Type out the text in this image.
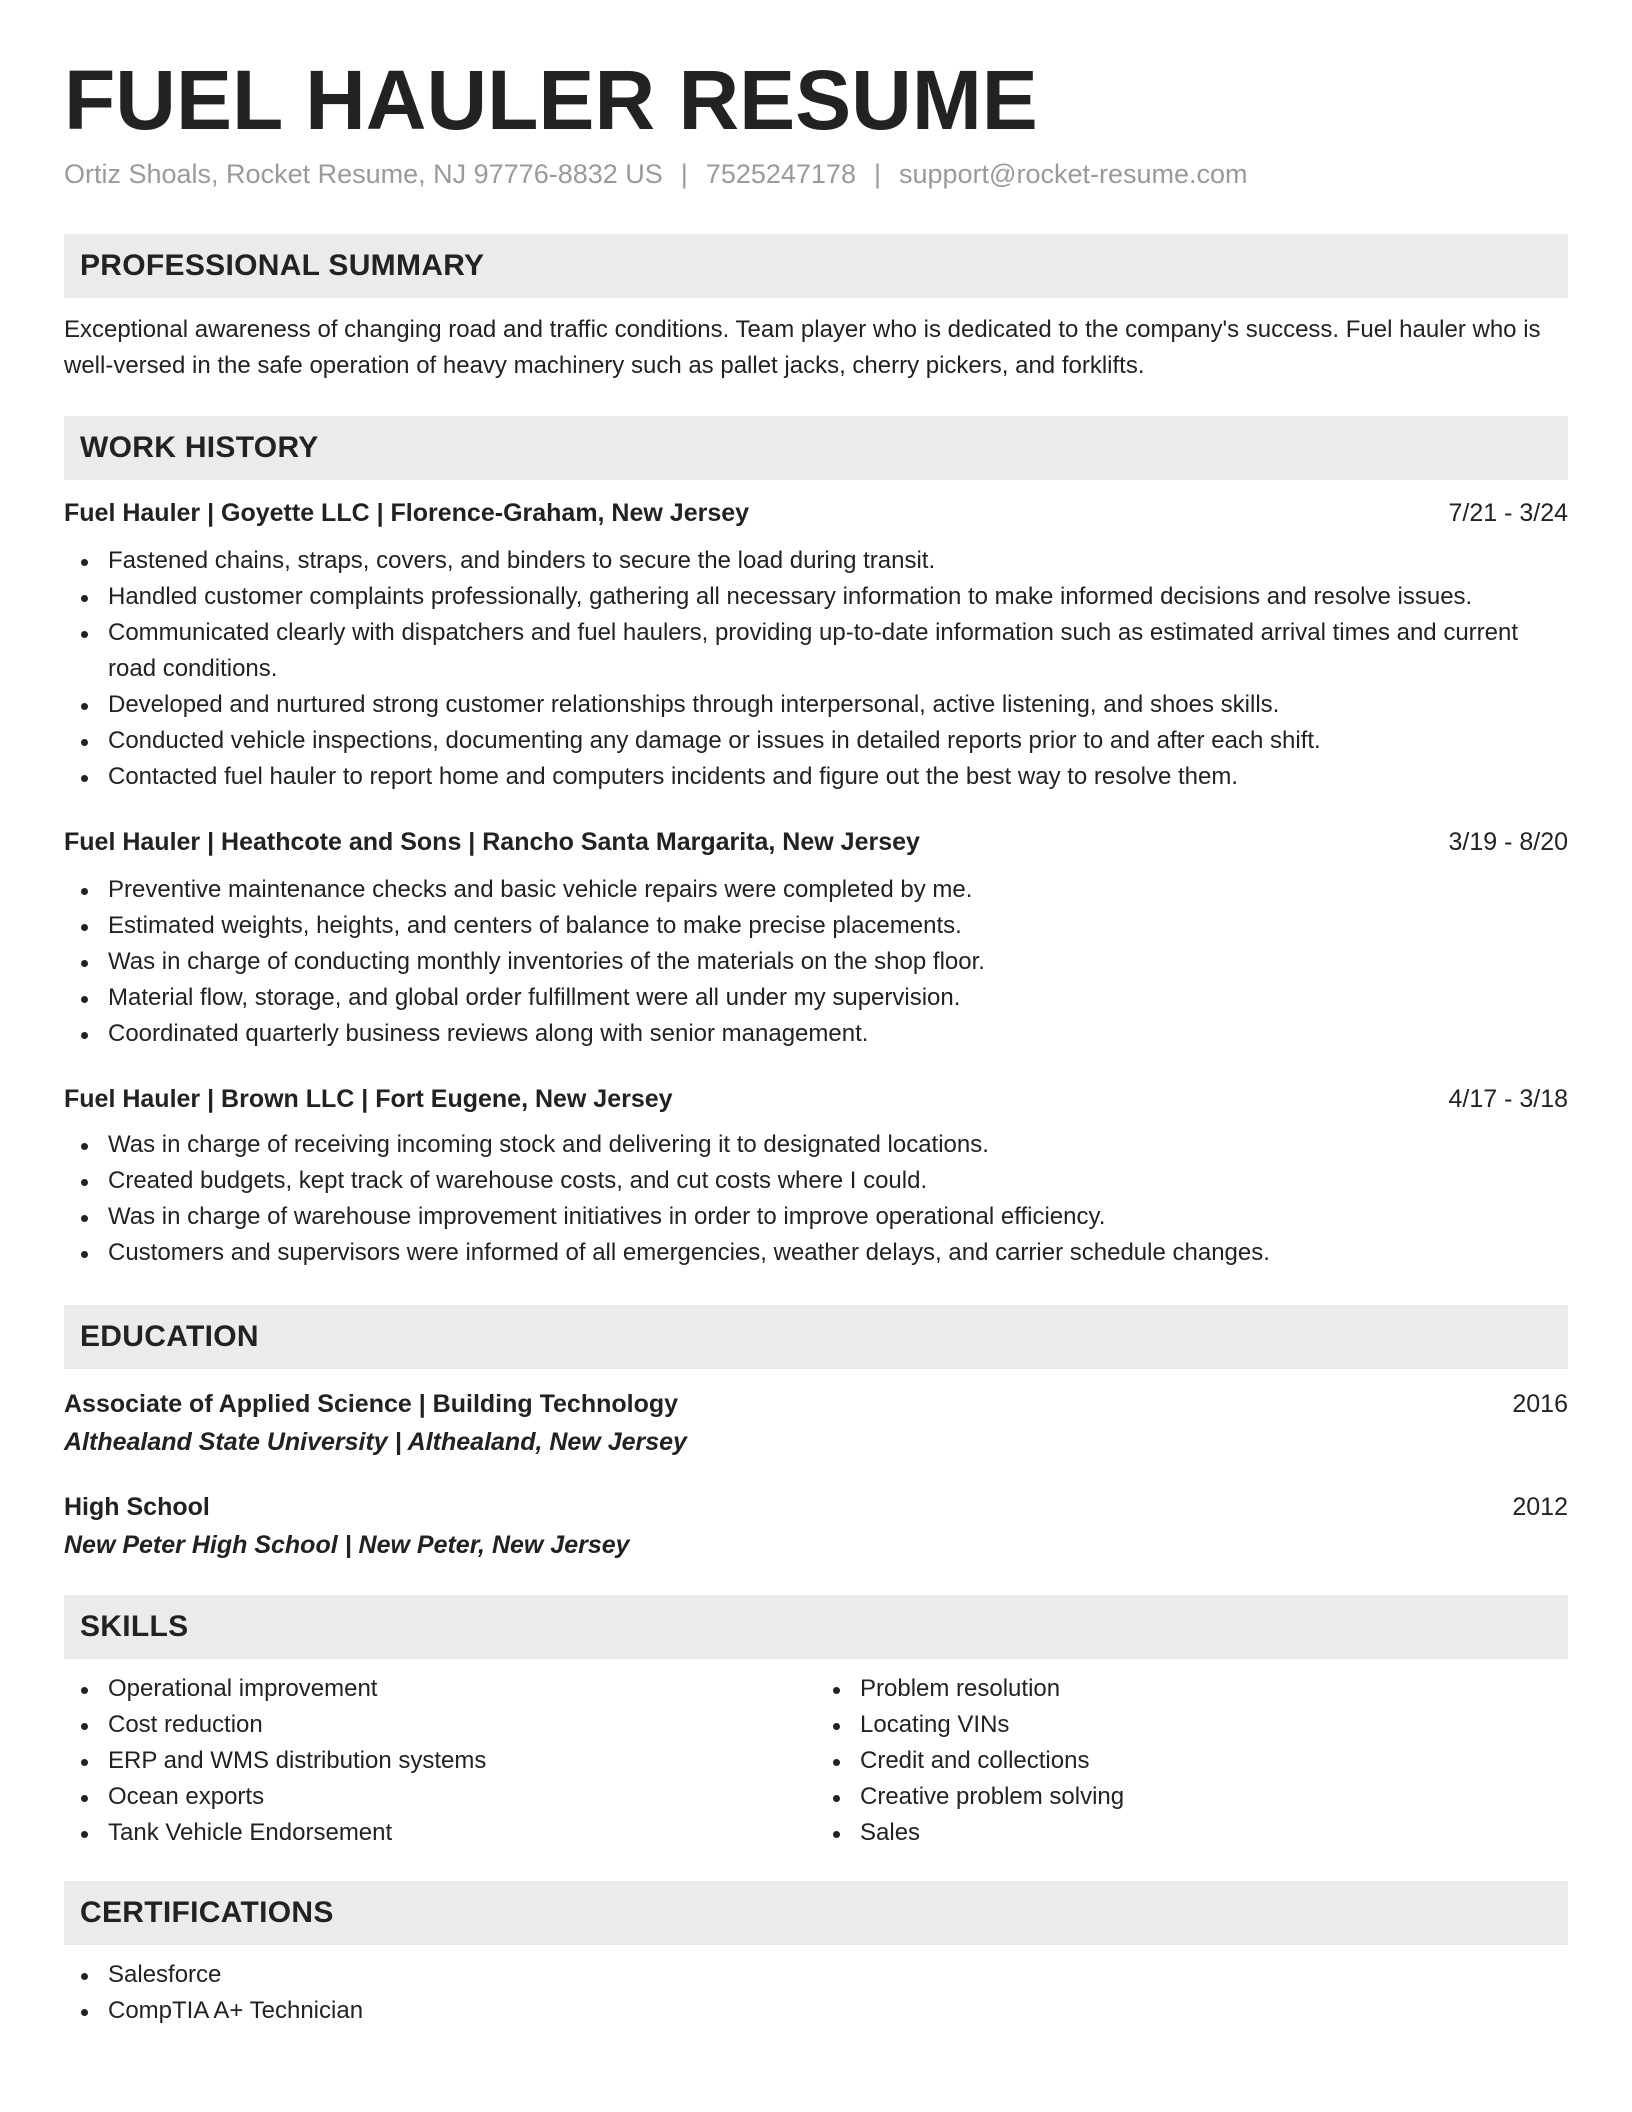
FUEL HAULER RESUME
Ortiz Shoals, Rocket Resume, NJ 97776-8832 US | 7525247178 | support@rocket-resume.com
PROFESSIONAL SUMMARY

Exceptional awareness of changing road and traffic conditions. Team player who is dedicated to the company's success. Fuel hauler who is well-versed in the safe operation of heavy machinery such as pallet jacks, cherry pickers, and forklifts.

WORK HISTORY
Fuel Hauler | Goyette LLC | Florence-Graham, New Jersey	7/21 - 3/24
Fastened chains, straps, covers, and binders to secure the load during transit.
Handled customer complaints professionally, gathering all necessary information to make informed decisions and resolve issues.
Communicated clearly with dispatchers and fuel haulers, providing up-to-date information such as estimated arrival times and current road conditions.
Developed and nurtured strong customer relationships through interpersonal, active listening, and shoes skills.
Conducted vehicle inspections, documenting any damage or issues in detailed reports prior to and after each shift.
Contacted fuel hauler to report home and computers incidents and figure out the best way to resolve them.
Fuel Hauler | Heathcote and Sons | Rancho Santa Margarita, New Jersey	3/19 - 8/20
Preventive maintenance checks and basic vehicle repairs were completed by me.
Estimated weights, heights, and centers of balance to make precise placements.
Was in charge of conducting monthly inventories of the materials on the shop floor.
Material flow, storage, and global order fulfillment were all under my supervision.
Coordinated quarterly business reviews along with senior management.
Fuel Hauler | Brown LLC | Fort Eugene, New Jersey	4/17 - 3/18
Was in charge of receiving incoming stock and delivering it to designated locations.
Created budgets, kept track of warehouse costs, and cut costs where I could.
Was in charge of warehouse improvement initiatives in order to improve operational efficiency.
Customers and supervisors were informed of all emergencies, weather delays, and carrier schedule changes.
EDUCATION
Associate of Applied Science | Building Technology	2016
Althealand State University | Althealand, New Jersey
High School	2012
New Peter High School | New Peter, New Jersey
SKILLS
Operational improvement
Cost reduction
ERP and WMS distribution systems
Ocean exports
Tank Vehicle Endorsement
Problem resolution
Locating VINs
Credit and collections
Creative problem solving
Sales
CERTIFICATIONS
Salesforce
CompTIA A+ Technician
